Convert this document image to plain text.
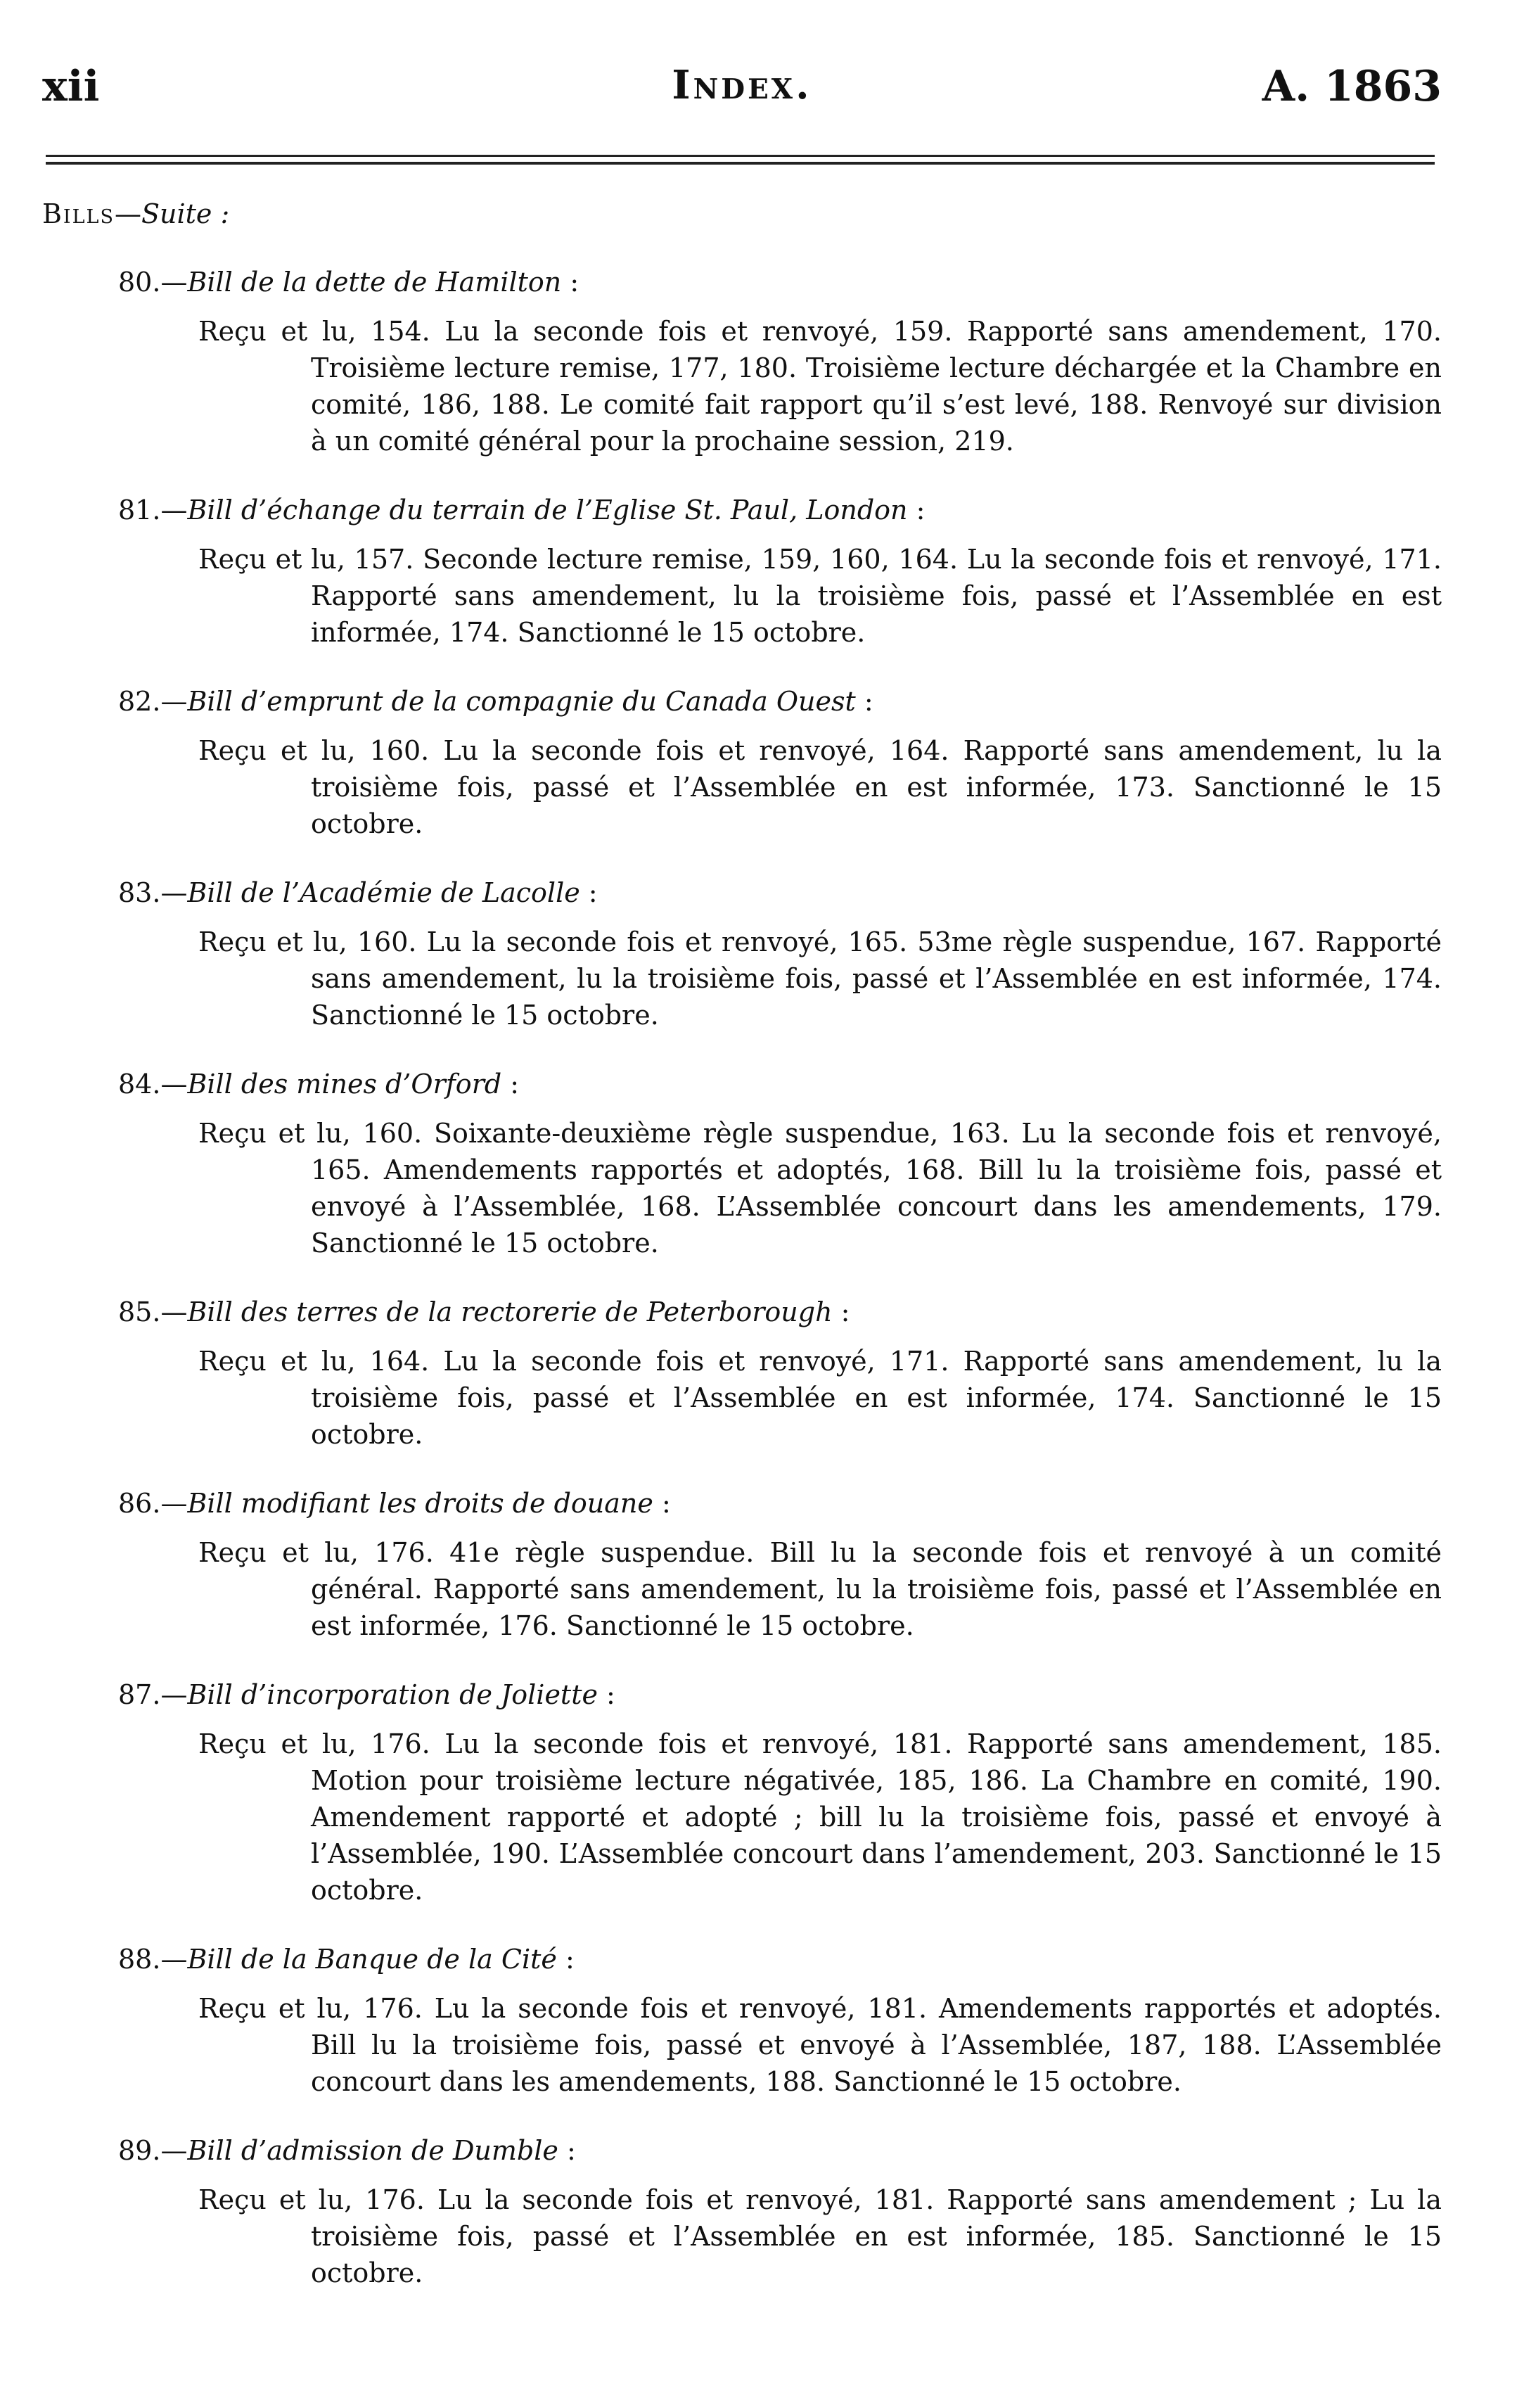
xii	Index.	A. 1863
Bills—Suite :
80.—Bill de la dette de Hamilton :
Reçu et lu, 154. Lu la seconde fois et renvoyé, 159. Rapporté sans amendement, 170. Troisième lecture remise, 177, 180. Troisième lecture déchargée et la Chambre en comité, 186, 188. Le comité fait rapport qu’il s’est levé, 188. Renvoyé sur division à un comité général pour la prochaine session, 219.
81.—Bill d’échange du terrain de l’Eglise St. Paul, London :
Reçu et lu, 157. Seconde lecture remise, 159, 160, 164. Lu la seconde fois et renvoyé, 171. Rapporté sans amendement, lu la troisième fois, passé et l’Assemblée en est informée, 174. Sanctionné le 15 octobre.
82.—Bill d’emprunt de la compagnie du Canada Ouest :
Reçu et lu, 160. Lu la seconde fois et renvoyé, 164. Rapporté sans amendement, lu la troisième fois, passé et l’Assemblée en est informée, 173. Sanctionné le 15 octobre.
83.—Bill de l’Académie de Lacolle :
Reçu et lu, 160. Lu la seconde fois et renvoyé, 165. 53me règle suspendue, 167. Rapporté sans amendement, lu la troisième fois, passé et l’Assemblée en est informée, 174. Sanctionné le 15 octobre.
84.—Bill des mines d’Orford :
Reçu et lu, 160. Soixante-deuxième règle suspendue, 163. Lu la seconde fois et renvoyé, 165. Amendements rapportés et adoptés, 168. Bill lu la troisième fois, passé et envoyé à l’Assemblée, 168. L’Assemblée concourt dans les amendements, 179. Sanctionné le 15 octobre.
85.—Bill des terres de la rectorerie de Peterborough :
Reçu et lu, 164. Lu la seconde fois et renvoyé, 171. Rapporté sans amendement, lu la troisième fois, passé et l’Assemblée en est informée, 174. Sanctionné le 15 octobre.
86.—Bill modifiant les droits de douane :
Reçu et lu, 176. 41e règle suspendue. Bill lu la seconde fois et renvoyé à un comité général. Rapporté sans amendement, lu la troisième fois, passé et l’Assemblée en est informée, 176. Sanctionné le 15 octobre.
87.—Bill d’incorporation de Joliette :
Reçu et lu, 176. Lu la seconde fois et renvoyé, 181. Rapporté sans amendement, 185. Motion pour troisième lecture négativée, 185, 186. La Chambre en comité, 190. Amendement rapporté et adopté ; bill lu la troisième fois, passé et envoyé à l’Assemblée, 190. L’Assemblée concourt dans l’amendement, 203. Sanctionné le 15 octobre.
88.—Bill de la Banque de la Cité :
Reçu et lu, 176. Lu la seconde fois et renvoyé, 181. Amendements rapportés et adoptés. Bill lu la troisième fois, passé et envoyé à l’Assemblée, 187, 188. L’Assemblée concourt dans les amendements, 188. Sanctionné le 15 octobre.
89.—Bill d’admission de Dumble :
Reçu et lu, 176. Lu la seconde fois et renvoyé, 181. Rapporté sans amendement ; Lu la troisième fois, passé et l’Assemblée en est informée, 185. Sanctionné le 15 octobre.
